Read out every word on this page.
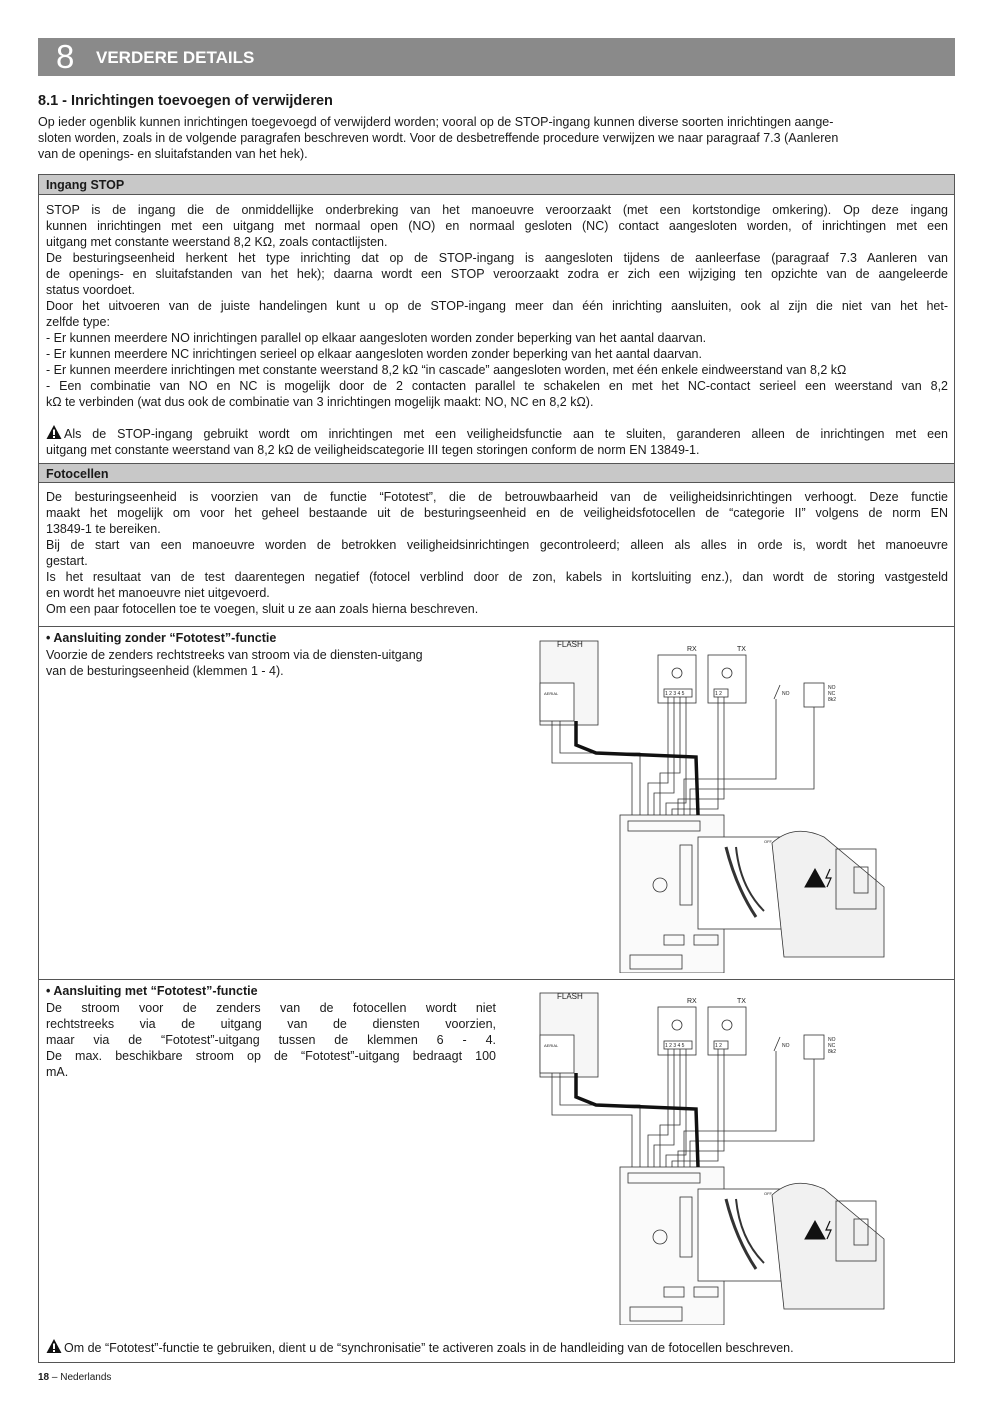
8 VERDERE DETAILS
8.1 - Inrichtingen toevoegen of verwijderen
Op ieder ogenblik kunnen inrichtingen toegevoegd of verwijderd worden; vooral op de STOP-ingang kunnen diverse soorten inrichtingen aange-
sloten worden, zoals in de volgende paragrafen beschreven wordt. Voor de desbetreffende procedure verwijzen we naar paragraaf 7.3 (Aanleren
van de openings- en sluitafstanden van het hek).
Ingang STOP
STOP is de ingang die de onmiddellijke onderbreking van het manoeuvre veroorzaakt (met een kortstondige omkering). Op deze ingang
kunnen inrichtingen met een uitgang met normaal open (NO) en normaal gesloten (NC) contact aangesloten worden, of inrichtingen met een
uitgang met constante weerstand 8,2 KΩ, zoals contactlijsten.
De besturingseenheid herkent het type inrichting dat op de STOP-ingang is aangesloten tijdens de aanleerfase (paragraaf 7.3 Aanleren van
de openings- en sluitafstanden van het hek); daarna wordt een STOP veroorzaakt zodra er zich een wijziging ten opzichte van de aangeleerde
status voordoet.
Door het uitvoeren van de juiste handelingen kunt u op de STOP-ingang meer dan één inrichting aansluiten, ook al zijn die niet van het het-
zelfde type:
- Er kunnen meerdere NO inrichtingen parallel op elkaar aangesloten worden zonder beperking van het aantal daarvan.
- Er kunnen meerdere NC inrichtingen serieel op elkaar aangesloten worden zonder beperking van het aantal daarvan.
- Er kunnen meerdere inrichtingen met constante weerstand 8,2 kΩ “in cascade” aangesloten worden, met één enkele eindweerstand van 8,2 kΩ
- Een combinatie van NO en NC is mogelijk door de 2 contacten parallel te schakelen en met het NC-contact serieel een weerstand van 8,2
kΩ te verbinden (wat dus ook de combinatie van 3 inrichtingen mogelijk maakt: NO, NC en 8,2 kΩ).
Als de STOP-ingang gebruikt wordt om inrichtingen met een veiligheidsfunctie aan te sluiten, garanderen alleen de inrichtingen met een
uitgang met constante weerstand van 8,2 kΩ de veiligheidscategorie III tegen storingen conform de norm EN 13849-1.
Fotocellen
De besturingseenheid is voorzien van de functie “Fototest”, die de betrouwbaarheid van de veiligheidsinrichtingen verhoogt. Deze functie
maakt het mogelijk om voor het geheel bestaande uit de besturingseenheid en de veiligheidsfotocellen de “categorie II” volgens de norm EN
13849-1 te bereiken.
Bij de start van een manoeuvre worden de betrokken veiligheidsinrichtingen gecontroleerd; alleen als alles in orde is, wordt het manoeuvre
gestart.
Is het resultaat van de test daarentegen negatief (fotocel verblind door de zon, kabels in kortsluiting enz.), dan wordt de storing vastgesteld
en wordt het manoeuvre niet uitgevoerd.
Om een paar fotocellen toe te voegen, sluit u ze aan zoals hierna beschreven.
• Aansluiting zonder “Fototest”-functie
Voorzie de zenders rechtstreeks van stroom via de diensten-uitgang
van de besturingseenheid (klemmen 1 - 4).
FLASH
RX	TX
AERIAL	1 2 3 4 5	1 2	NO
NO
NC
8k2
OFF
• Aansluiting met “Fototest”-functie
De stroom voor de zenders van de fotocellen wordt niet
rechtstreeks via de uitgang van de diensten voorzien,
maar via de “Fototest”-uitgang tussen de klemmen 6 - 4.
De max. beschikbare stroom op de “Fototest”-uitgang bedraagt 100
mA.
FLASH
RX	TX
AERIAL	1 2 3 4 5	1 2	NO
NO
NC
8k2
OFF
Om de “Fototest”-functie te gebruiken, dient u de “synchronisatie” te activeren zoals in de handleiding van de fotocellen beschreven.
18 – Nederlands
